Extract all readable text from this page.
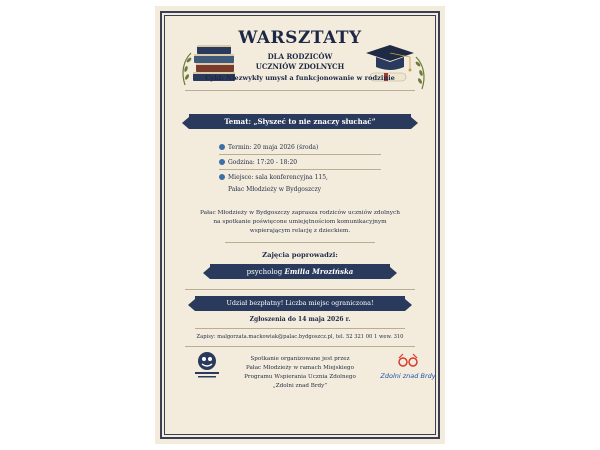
WARSZTATY
DLA RODZICÓW
UCZNIÓW ZDOLNYCH
Cykl: Niezwykły umysł a funkcjonowanie w rodzinie
Temat: „Słyszeć to nie znaczy słuchać”
Termin: 20 maja 2026 (środa)
Godzina: 17:20 - 18:20
Miejsce: sala konferencyjna 115,
Pałac Młodzieży w Bydgoszczy
Pałac Młodzieży w Bydgoszczy zaprasza rodziców uczniów zdolnych
na spotkanie poświęcone umiejętnościom komunikacyjnym
wspierającym relację z dzieckiem.
Zajęcia poprowadzi:
psycholog Emilia Mrozińska
Udział bezpłatny! Liczba miejsc ograniczona!
Zgłoszenia do 14 maja 2026 r.
Zapisy: malgorzata.mackowiak@palac.bydgoszcz.pl, tel. 52 321 00 1 wew. 310
Spotkanie organizowane jest przez
Pałac Młodzieży w ramach Miejskiego
Programu Wspierania Ucznia Zdolnego
„Zdolni znad Brdy”
Zdolni znad Brdy
